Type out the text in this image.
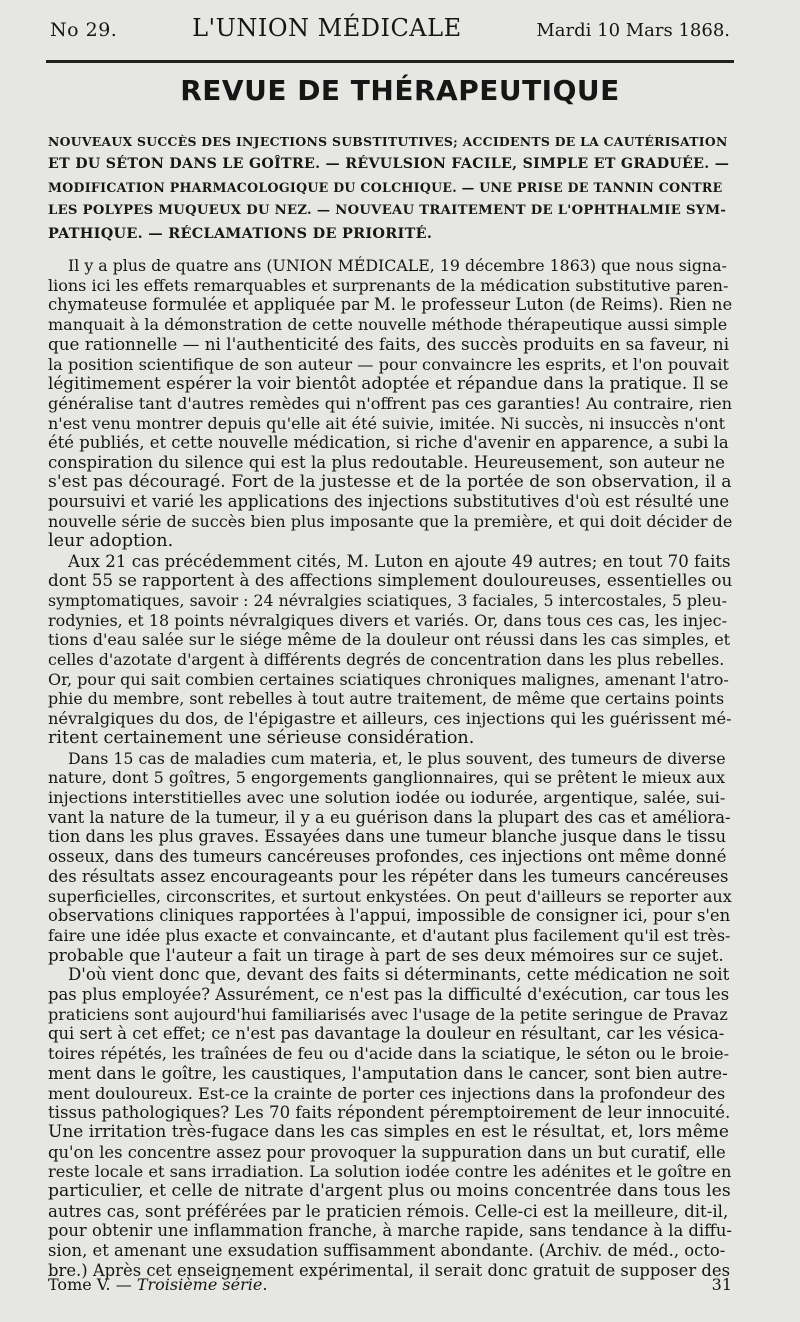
No 29.	L'UNION MÉDICALE	Mardi 10 Mars 1868.
REVUE DE THÉRAPEUTIQUE
NOUVEAUX SUCCÈS DES INJECTIONS SUBSTITUTIVES; ACCIDENTS DE LA CAUTÉRISATION
ET DU SÉTON DANS LE GOÎTRE. — RÉVULSION FACILE, SIMPLE ET GRADUÉE. —
MODIFICATION PHARMACOLOGIQUE DU COLCHIQUE. — UNE PRISE DE TANNIN CONTRE
LES POLYPES MUQUEUX DU NEZ. — NOUVEAU TRAITEMENT DE L'OPHTHALMIE SYM-
PATHIQUE. — RÉCLAMATIONS DE PRIORITÉ.
Il y a plus de quatre ans (UNION MÉDICALE, 19 décembre 1863) que nous signa-
lions ici les effets remarquables et surprenants de la médication substitutive paren-
chymateuse formulée et appliquée par M. le professeur Luton (de Reims). Rien ne
manquait à la démonstration de cette nouvelle méthode thérapeutique aussi simple
que rationnelle — ni l'authenticité des faits, des succès produits en sa faveur, ni
la position scientifique de son auteur — pour convaincre les esprits, et l'on pouvait
légitimement espérer la voir bientôt adoptée et répandue dans la pratique. Il se
généralise tant d'autres remèdes qui n'offrent pas ces garanties! Au contraire, rien
n'est venu montrer depuis qu'elle ait été suivie, imitée. Ni succès, ni insuccès n'ont
été publiés, et cette nouvelle médication, si riche d'avenir en apparence, a subi la
conspiration du silence qui est la plus redoutable. Heureusement, son auteur ne
s'est pas découragé. Fort de la justesse et de la portée de son observation, il a
poursuivi et varié les applications des injections substitutives d'où est résulté une
nouvelle série de succès bien plus imposante que la première, et qui doit décider de
leur adoption.
Aux 21 cas précédemment cités, M. Luton en ajoute 49 autres; en tout 70 faits
dont 55 se rapportent à des affections simplement douloureuses, essentielles ou
symptomatiques, savoir : 24 névralgies sciatiques, 3 faciales, 5 intercostales, 5 pleu-
rodynies, et 18 points névralgiques divers et variés. Or, dans tous ces cas, les injec-
tions d'eau salée sur le siége même de la douleur ont réussi dans les cas simples, et
celles d'azotate d'argent à différents degrés de concentration dans les plus rebelles.
Or, pour qui sait combien certaines sciatiques chroniques malignes, amenant l'atro-
phie du membre, sont rebelles à tout autre traitement, de même que certains points
névralgiques du dos, de l'épigastre et ailleurs, ces injections qui les guérissent mé-
ritent certainement une sérieuse considération.
Dans 15 cas de maladies cum materia, et, le plus souvent, des tumeurs de diverse
nature, dont 5 goîtres, 5 engorgements ganglionnaires, qui se prêtent le mieux aux
injections interstitielles avec une solution iodée ou iodurée, argentique, salée, sui-
vant la nature de la tumeur, il y a eu guérison dans la plupart des cas et améliora-
tion dans les plus graves. Essayées dans une tumeur blanche jusque dans le tissu
osseux, dans des tumeurs cancéreuses profondes, ces injections ont même donné
des résultats assez encourageants pour les répéter dans les tumeurs cancéreuses
superficielles, circonscrites, et surtout enkystées. On peut d'ailleurs se reporter aux
observations cliniques rapportées à l'appui, impossible de consigner ici, pour s'en
faire une idée plus exacte et convaincante, et d'autant plus facilement qu'il est très-
probable que l'auteur a fait un tirage à part de ses deux mémoires sur ce sujet.
D'où vient donc que, devant des faits si déterminants, cette médication ne soit
pas plus employée? Assurément, ce n'est pas la difficulté d'exécution, car tous les
praticiens sont aujourd'hui familiarisés avec l'usage de la petite seringue de Pravaz
qui sert à cet effet; ce n'est pas davantage la douleur en résultant, car les vésica-
toires répétés, les traînées de feu ou d'acide dans la sciatique, le séton ou le broie-
ment dans le goître, les caustiques, l'amputation dans le cancer, sont bien autre-
ment douloureux. Est-ce la crainte de porter ces injections dans la profondeur des
tissus pathologiques? Les 70 faits répondent péremptoirement de leur innocuité.
Une irritation très-fugace dans les cas simples en est le résultat, et, lors même
qu'on les concentre assez pour provoquer la suppuration dans un but curatif, elle
reste locale et sans irradiation. La solution iodée contre les adénites et le goître en
particulier, et celle de nitrate d'argent plus ou moins concentrée dans tous les
autres cas, sont préférées par le praticien rémois. Celle-ci est la meilleure, dit-il,
pour obtenir une inflammation franche, à marche rapide, sans tendance à la diffu-
sion, et amenant une exsudation suffisamment abondante. (Archiv. de méd., octo-
bre.) Après cet enseignement expérimental, il serait donc gratuit de supposer des
Tome V. — Troisième série.	31
